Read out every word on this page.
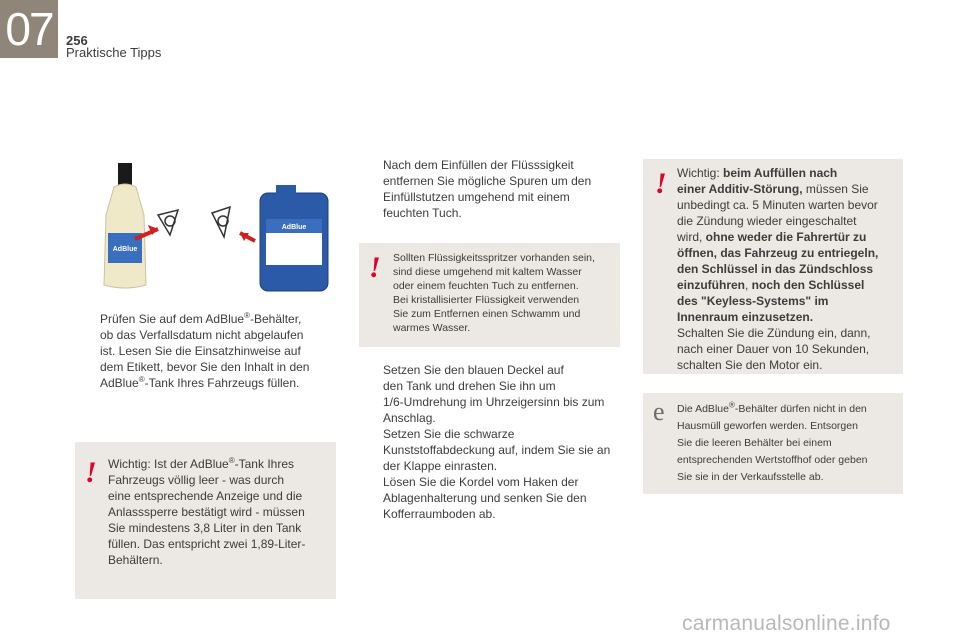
07	256
Praktische Tipps
AdBlue
AdBlue
Prüfen Sie auf dem AdBlue®-Behälter,
ob das Verfallsdatum nicht abgelaufen
ist. Lesen Sie die Einsatzhinweise auf
dem Etikett, bevor Sie den Inhalt in den
AdBlue®-Tank Ihres Fahrzeugs füllen.
! Wichtig: Ist der AdBlue®-Tank Ihres
Fahrzeugs völlig leer - was durch
eine entsprechende Anzeige und die
Anlasssperre bestätigt wird - müssen
Sie mindestens 3,8 Liter in den Tank
füllen. Das entspricht zwei 1,89-Liter-
Behältern.
Nach dem Einfüllen der Flüsssigkeit
entfernen Sie mögliche Spuren um den
Einfüllstutzen umgehend mit einem
feuchten Tuch.
! Sollten Flüssigkeitsspritzer vorhanden sein,
sind diese umgehend mit kaltem Wasser
oder einem feuchten Tuch zu entfernen.
Bei kristallisierter Flüssigkeit verwenden
Sie zum Entfernen einen Schwamm und
warmes Wasser.
Setzen Sie den blauen Deckel auf
den Tank und drehen Sie ihn um
1/6-Umdrehung im Uhrzeigersinn bis zum
Anschlag.
Setzen Sie die schwarze
Kunststoffabdeckung auf, indem Sie sie an
der Klappe einrasten.
Lösen Sie die Kordel vom Haken der
Ablagenhalterung und senken Sie den
Kofferraumboden ab.
! Wichtig: beim Auffüllen nach
einer Additiv-Störung, müssen Sie
unbedingt ca. 5 Minuten warten bevor
die Zündung wieder eingeschaltet
wird, ohne weder die Fahrertür zu
öffnen, das Fahrzeug zu entriegeln,
den Schlüssel in das Zündschloss
einzuführen, noch den Schlüssel
des "Keyless-Systems" im
Innenraum einzusetzen.
Schalten Sie die Zündung ein, dann,
nach einer Dauer von 10 Sekunden,
schalten Sie den Motor ein.
e Die AdBlue®-Behälter dürfen nicht in den
Hausmüll geworfen werden. Entsorgen
Sie die leeren Behälter bei einem
entsprechenden Wertstoffhof oder geben
Sie sie in der Verkaufsstelle ab.
carmanualsonline.info
